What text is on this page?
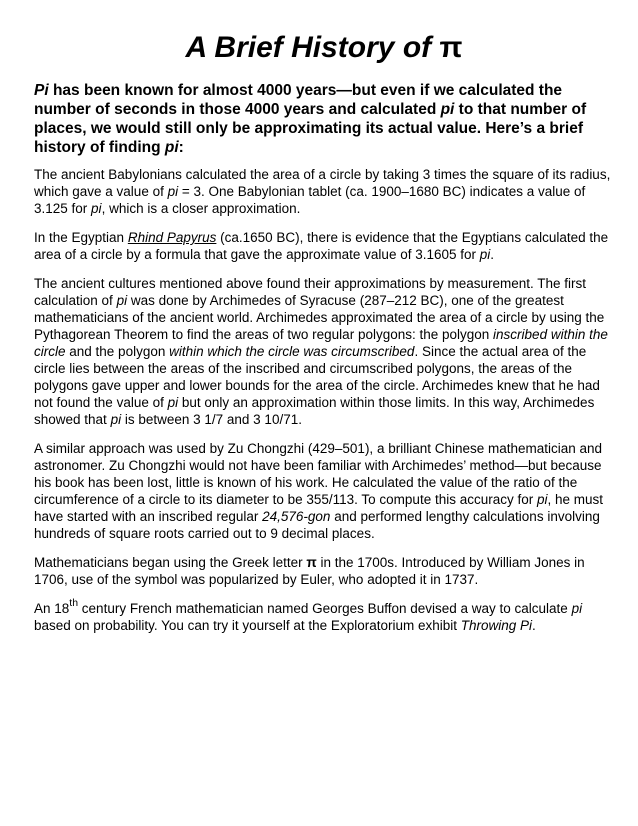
A Brief History of π

Pi has been known for almost 4000 years—but even if we calculated the number of seconds in those 4000 years and calculated pi to that number of places, we would still only be approximating its actual value. Here’s a brief history of finding pi:

The ancient Babylonians calculated the area of a circle by taking 3 times the square of its radius, which gave a value of pi = 3. One Babylonian tablet (ca. 1900–1680 BC) indicates a value of 3.125 for pi, which is a closer approximation.

In the Egyptian Rhind Papyrus (ca.1650 BC), there is evidence that the Egyptians calculated the area of a circle by a formula that gave the approximate value of 3.1605 for pi.

The ancient cultures mentioned above found their approximations by measurement. The first calculation of pi was done by Archimedes of Syracuse (287–212 BC), one of the greatest mathematicians of the ancient world. Archimedes approximated the area of a circle by using the Pythagorean Theorem to find the areas of two regular polygons: the polygon inscribed within the circle and the polygon within which the circle was circumscribed. Since the actual area of the circle lies between the areas of the inscribed and circumscribed polygons, the areas of the polygons gave upper and lower bounds for the area of the circle. Archimedes knew that he had not found the value of pi but only an approximation within those limits. In this way, Archimedes showed that pi is between 3 1/7 and 3 10/71.

A similar approach was used by Zu Chongzhi (429–501), a brilliant Chinese mathematician and astronomer. Zu Chongzhi would not have been familiar with Archimedes’ method—but because his book has been lost, little is known of his work. He calculated the value of the ratio of the circumference of a circle to its diameter to be 355/113. To compute this accuracy for pi, he must have started with an inscribed regular 24,576-gon and performed lengthy calculations involving hundreds of square roots carried out to 9 decimal places.

Mathematicians began using the Greek letter π in the 1700s. Introduced by William Jones in 1706, use of the symbol was popularized by Euler, who adopted it in 1737.

An 18th century French mathematician named Georges Buffon devised a way to calculate pi based on probability. You can try it yourself at the Exploratorium exhibit Throwing Pi.
